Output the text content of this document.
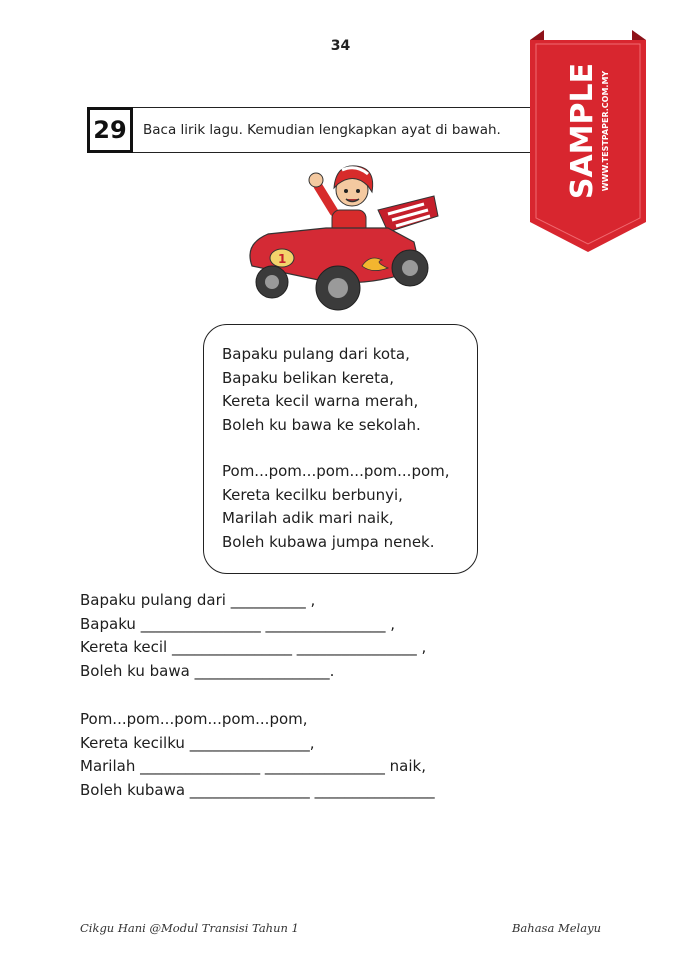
34
29	Baca lirik lagu. Kemudian lengkapkan ayat di bawah.
1
Bapaku pulang dari kota,
Bapaku belikan kereta,
Kereta kecil warna merah,
Boleh ku bawa ke sekolah.
Pom...pom...pom...pom...pom,
Kereta kecilku berbunyi,
Marilah adik mari naik,
Boleh kubawa jumpa nenek.
Bapaku pulang dari __________ ,
Bapaku ________________ ________________ ,
Kereta kecil ________________ ________________ ,
Boleh ku bawa __________________.
Pom...pom...pom...pom...pom,
Kereta kecilku ________________,
Marilah ________________ ________________ naik,
Boleh kubawa ________________ ________________
SAMPLE WWW.TESTPAPER.COM.MY
Cikgu Hani @Modul Transisi Tahun 1	Bahasa Melayu
